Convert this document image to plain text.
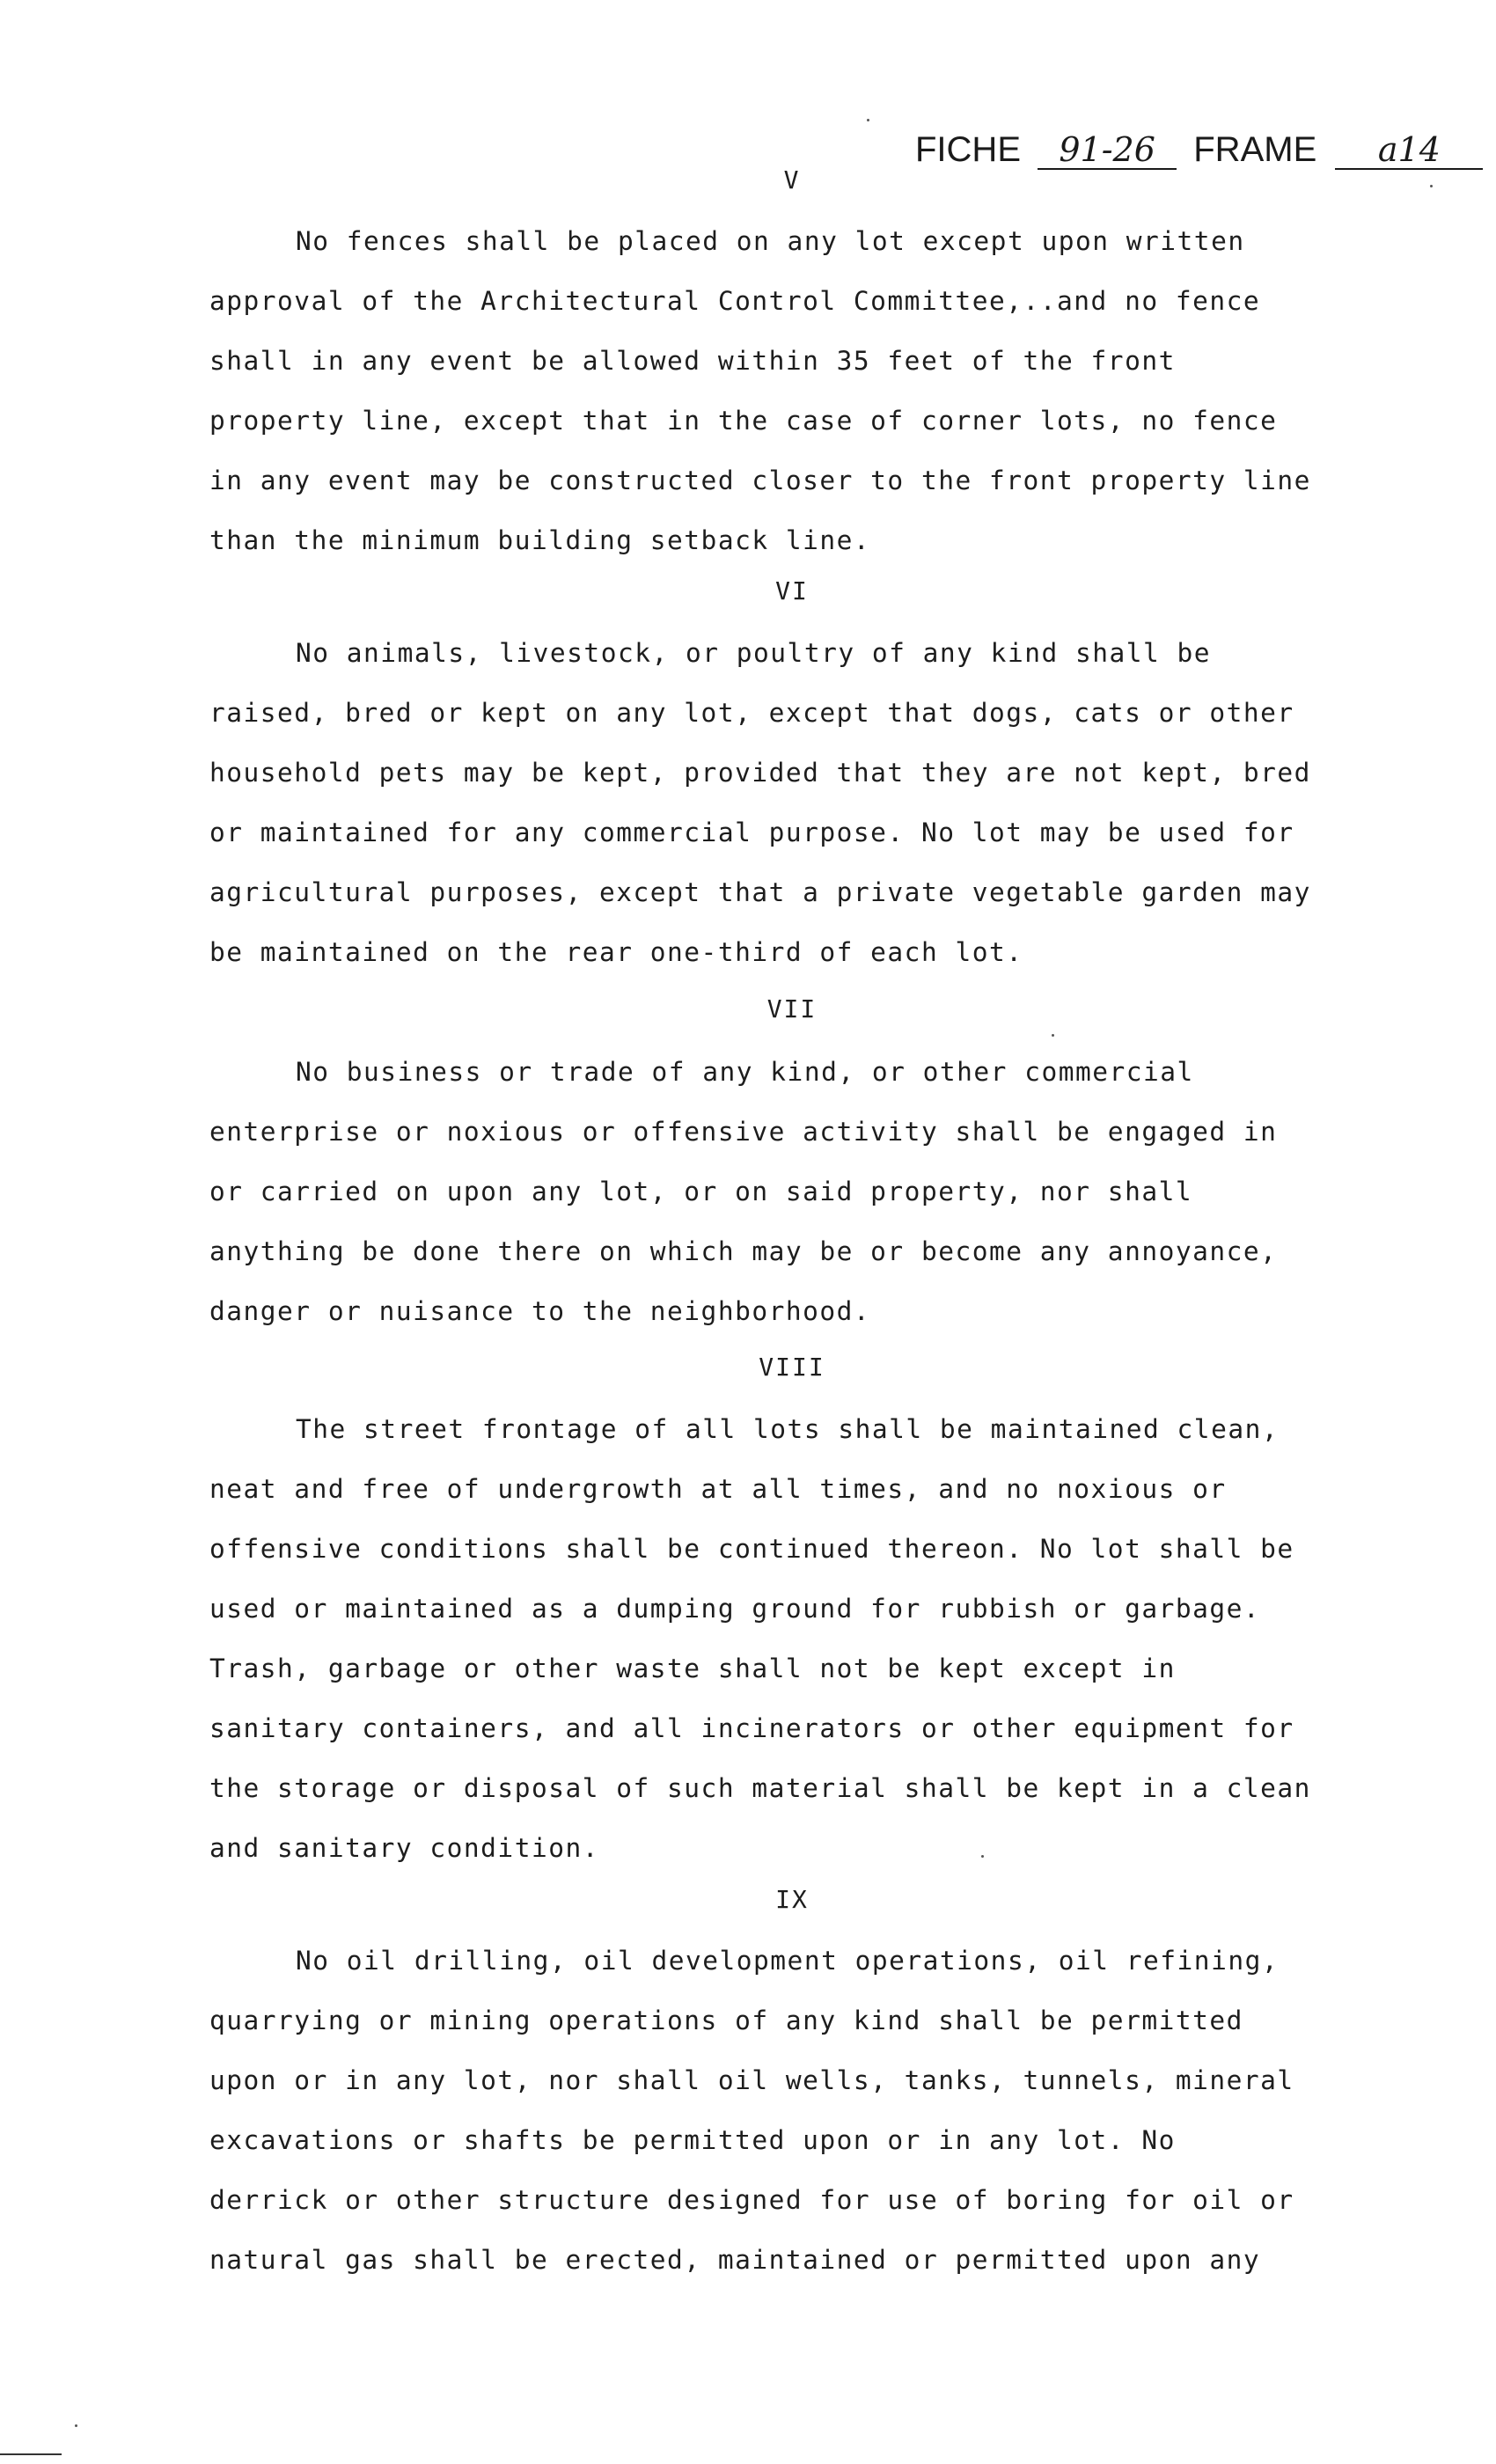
FICHE 91-26 FRAME a14
V
No fences shall be placed on any lot except upon written
approval of the Architectural Control Committee,..and no fence
shall in any event be allowed within 35 feet of the front
property line, except that in the case of corner lots, no fence
in any event may be constructed closer to the front property line
than the minimum building setback line.
VI
No animals, livestock, or poultry of any kind shall be
raised, bred or kept on any lot, except that dogs, cats or other
household pets may be kept, provided that they are not kept, bred
or maintained for any commercial purpose. No lot may be used for
agricultural purposes, except that a private vegetable garden may
be maintained on the rear one-third of each lot.
VII
No business or trade of any kind, or other commercial
enterprise or noxious or offensive activity shall be engaged in
or carried on upon any lot, or on said property, nor shall
anything be done there on which may be or become any annoyance,
danger or nuisance to the neighborhood.
VIII
The street frontage of all lots shall be maintained clean,
neat and free of undergrowth at all times, and no noxious or
offensive conditions shall be continued thereon. No lot shall be
used or maintained as a dumping ground for rubbish or garbage.
Trash, garbage or other waste shall not be kept except in
sanitary containers, and all incinerators or other equipment for
the storage or disposal of such material shall be kept in a clean
and sanitary condition.
IX
No oil drilling, oil development operations, oil refining,
quarrying or mining operations of any kind shall be permitted
upon or in any lot, nor shall oil wells, tanks, tunnels, mineral
excavations or shafts be permitted upon or in any lot. No
derrick or other structure designed for use of boring for oil or
natural gas shall be erected, maintained or permitted upon any
